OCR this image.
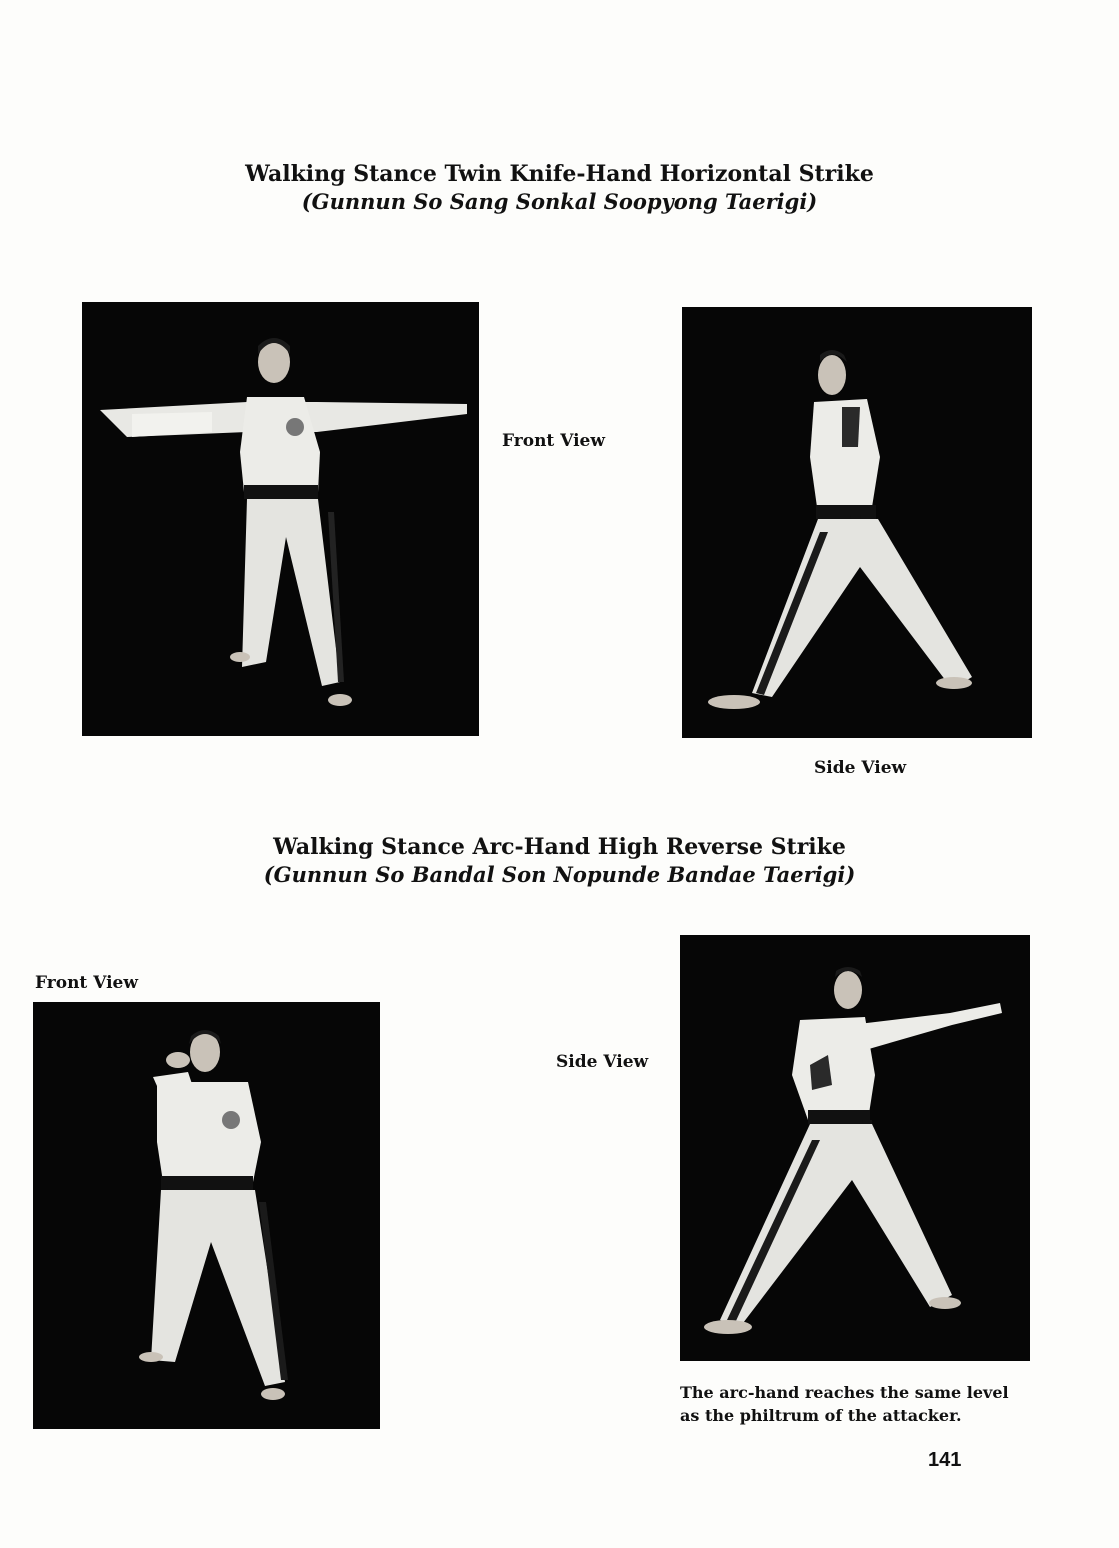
Walking Stance Twin Knife-Hand Horizontal Strike
(Gunnun So Sang Sonkal Soopyong Taerigi)
Front View
Side View
Walking Stance Arc-Hand High Reverse Strike
(Gunnun So Bandal Son Nopunde Bandae Taerigi)
Front View
Side View
The arc-hand reaches the same level
as the philtrum of the attacker.
141
